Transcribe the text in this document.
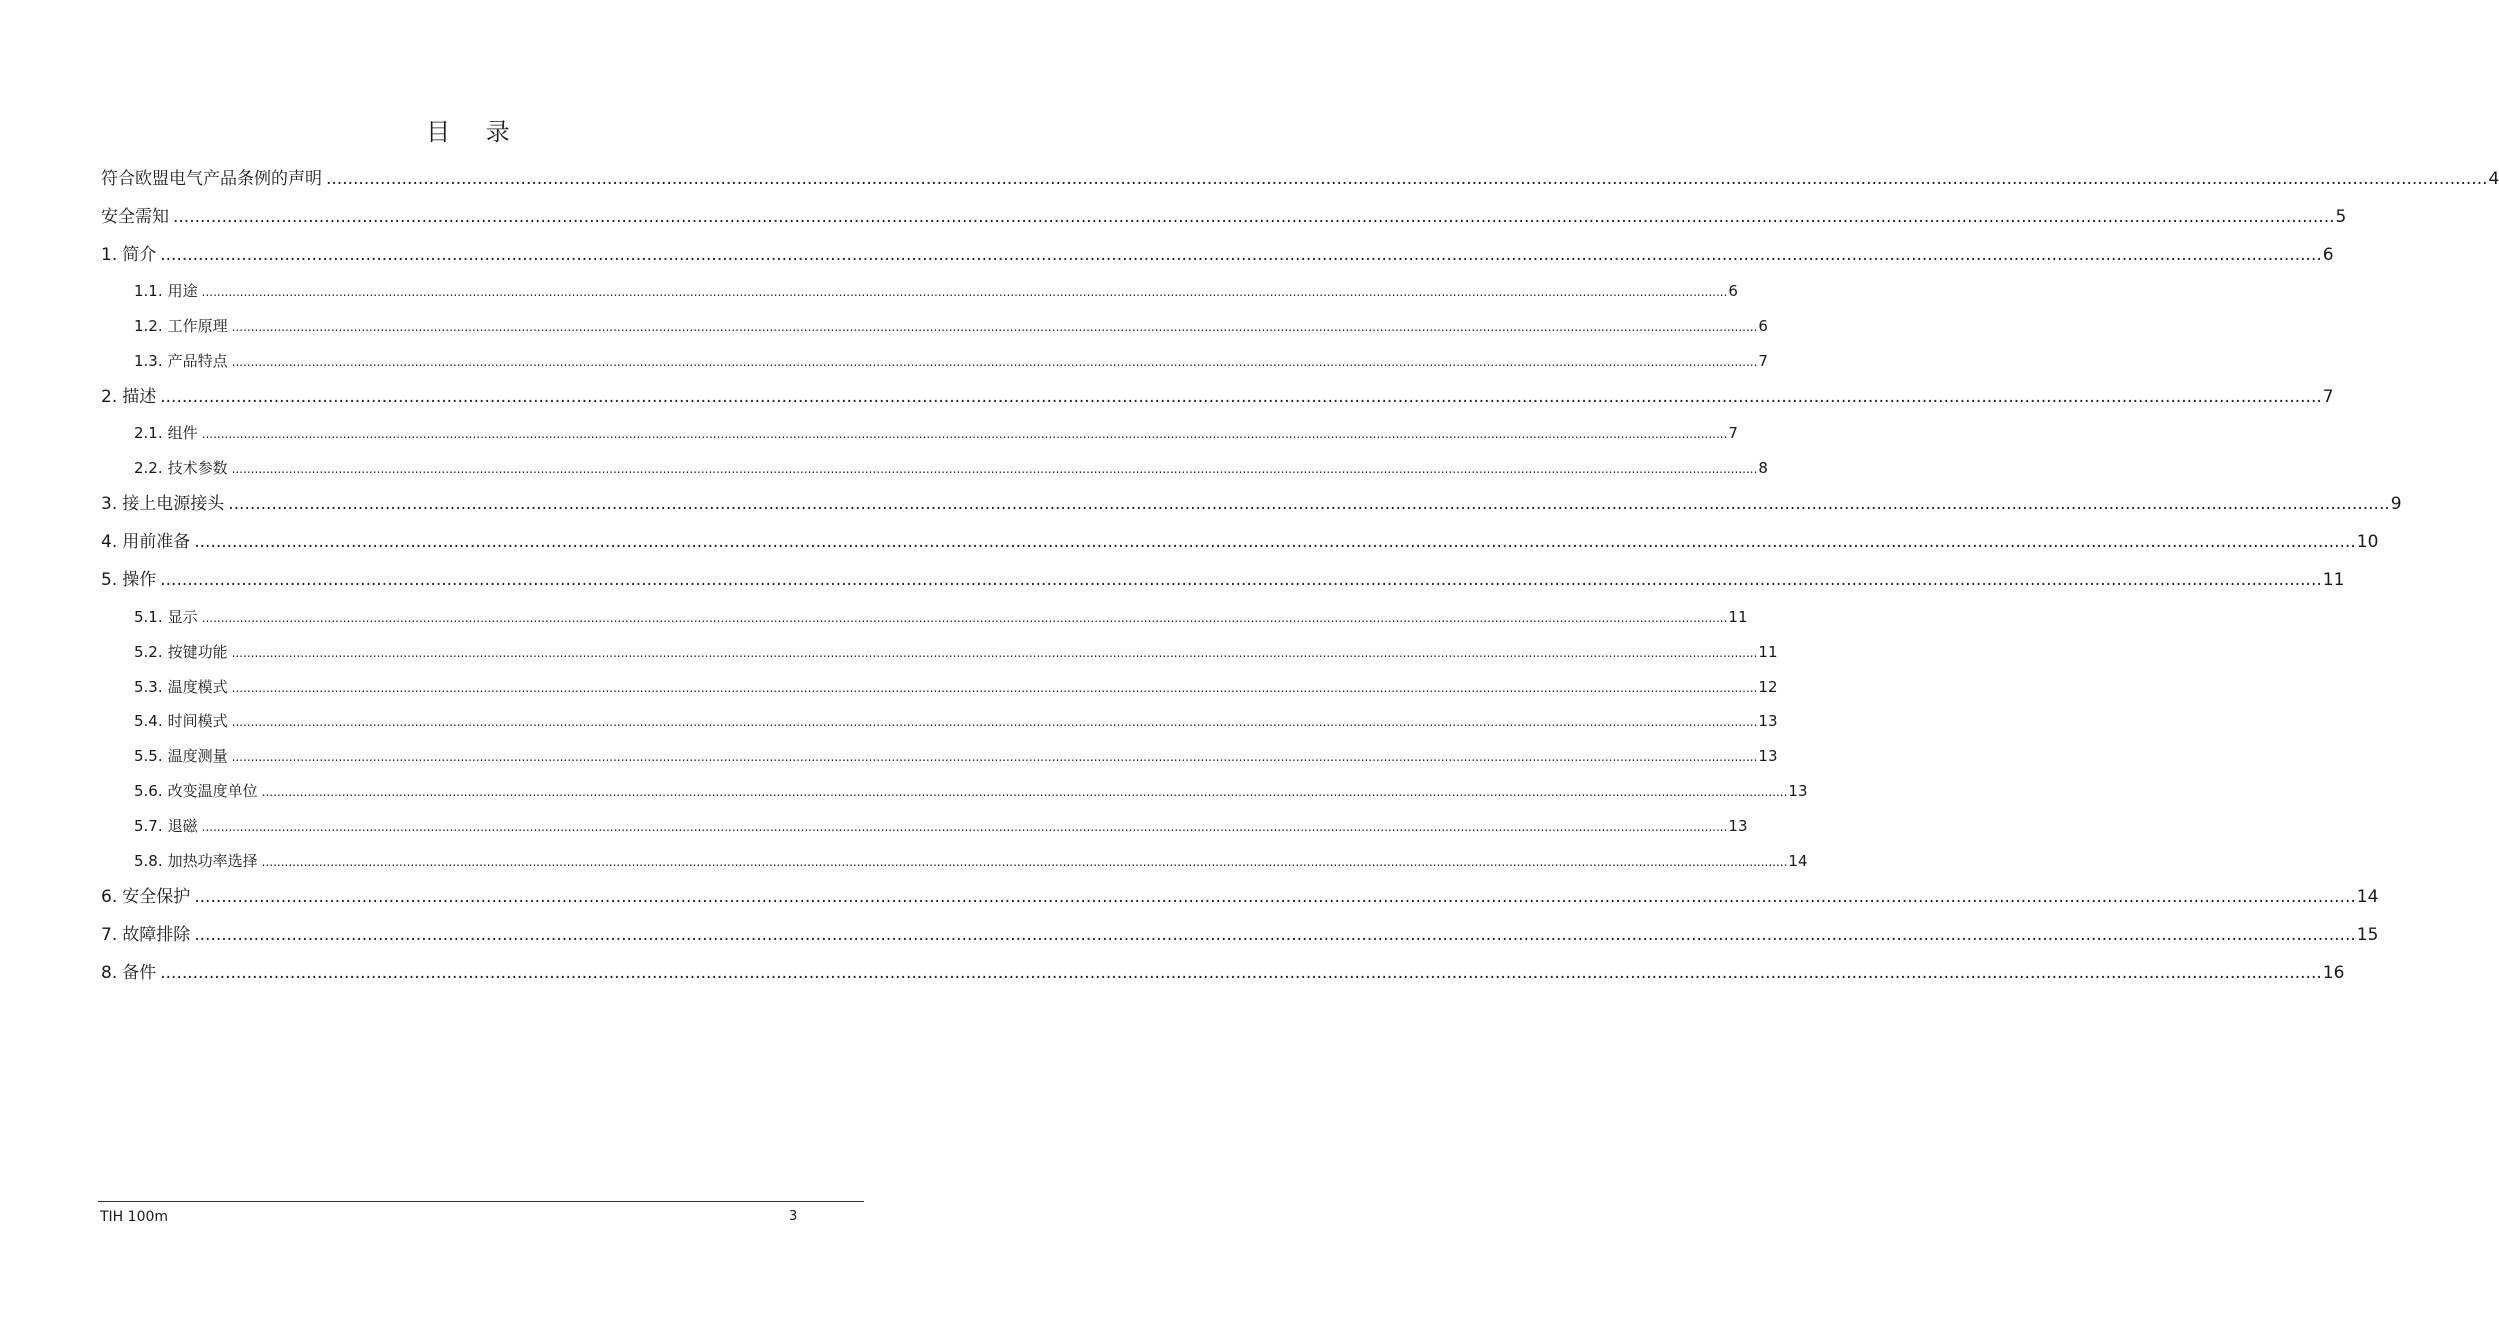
目 录
符合欧盟电气产品条例的声明 ................................................................................................................................................................................................................................................................................................................................................................................................................ 4
安全需知 ................................................................................................................................................................................................................................................................................................................................................................................................................ 5
1. 简介 ................................................................................................................................................................................................................................................................................................................................................................................................................ 6
1.1. 用途 ................................................................................................................................................................................................................................................................................................................................................................................................................ 6
1.2. 工作原理 ................................................................................................................................................................................................................................................................................................................................................................................................................ 6
1.3. 产品特点 ................................................................................................................................................................................................................................................................................................................................................................................................................ 7
2. 描述 ................................................................................................................................................................................................................................................................................................................................................................................................................ 7
2.1. 组件 ................................................................................................................................................................................................................................................................................................................................................................................................................ 7
2.2. 技术参数 ................................................................................................................................................................................................................................................................................................................................................................................................................ 8
3. 接上电源接头 ................................................................................................................................................................................................................................................................................................................................................................................................................ 9
4. 用前准备 ................................................................................................................................................................................................................................................................................................................................................................................................................ 10
5. 操作 ................................................................................................................................................................................................................................................................................................................................................................................................................ 11
5.1. 显示 ................................................................................................................................................................................................................................................................................................................................................................................................................ 11
5.2. 按键功能 ................................................................................................................................................................................................................................................................................................................................................................................................................ 11
5.3. 温度模式 ................................................................................................................................................................................................................................................................................................................................................................................................................ 12
5.4. 时间模式 ................................................................................................................................................................................................................................................................................................................................................................................................................ 13
5.5. 温度测量 ................................................................................................................................................................................................................................................................................................................................................................................................................ 13
5.6. 改变温度单位 ................................................................................................................................................................................................................................................................................................................................................................................................................ 13
5.7. 退磁 ................................................................................................................................................................................................................................................................................................................................................................................................................ 13
5.8. 加热功率选择 ................................................................................................................................................................................................................................................................................................................................................................................................................ 14
6. 安全保护 ................................................................................................................................................................................................................................................................................................................................................................................................................ 14
7. 故障排除 ................................................................................................................................................................................................................................................................................................................................................................................................................ 15
8. 备件 ................................................................................................................................................................................................................................................................................................................................................................................................................ 16
TIH 100m	3
